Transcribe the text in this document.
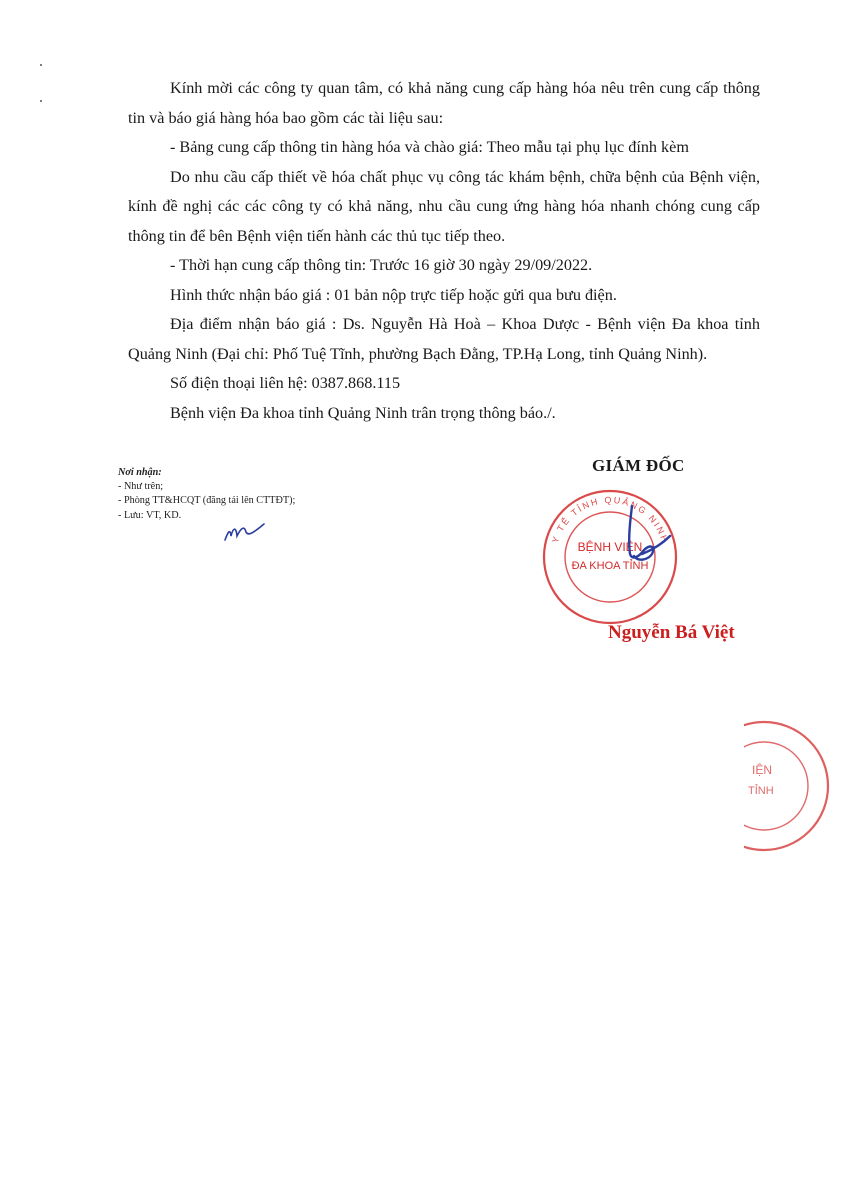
Kính mời các công ty quan tâm, có khả năng cung cấp hàng hóa nêu trên cung cấp thông tin và báo giá hàng hóa bao gồm các tài liệu sau:

- Bảng cung cấp thông tin hàng hóa và chào giá: Theo mẫu tại phụ lục đính kèm

Do nhu cầu cấp thiết về hóa chất phục vụ công tác khám bệnh, chữa bệnh của Bệnh viện, kính đề nghị các các công ty có khả năng, nhu cầu cung ứng hàng hóa nhanh chóng cung cấp thông tin để bên Bệnh viện tiến hành các thủ tục tiếp theo.

- Thời hạn cung cấp thông tin: Trước 16 giờ 30 ngày 29/09/2022.

Hình thức nhận báo giá : 01 bản nộp trực tiếp hoặc gửi qua bưu điện.

Địa điểm nhận báo giá : Ds. Nguyễn Hà Hoà – Khoa Dược - Bệnh viện Đa khoa tỉnh Quảng Ninh (Đại chỉ: Phố Tuệ Tĩnh, phường Bạch Đằng, TP.Hạ Long, tỉnh Quảng Ninh).

Số điện thoại liên hệ: 0387.868.115

Bệnh viện Đa khoa tỉnh Quảng Ninh trân trọng thông báo./.

Nơi nhận:
- Như trên;
- Phòng TT&HCQT (đăng tải lên CTTĐT);
- Lưu: VT, KD.
GIÁM ĐỐC
Y TẾ TỈNH QUẢNG NINH
BỆNH VIỆN
ĐA KHOA TỈNH
Nguyễn Bá Việt
IỆN
TỈNH
